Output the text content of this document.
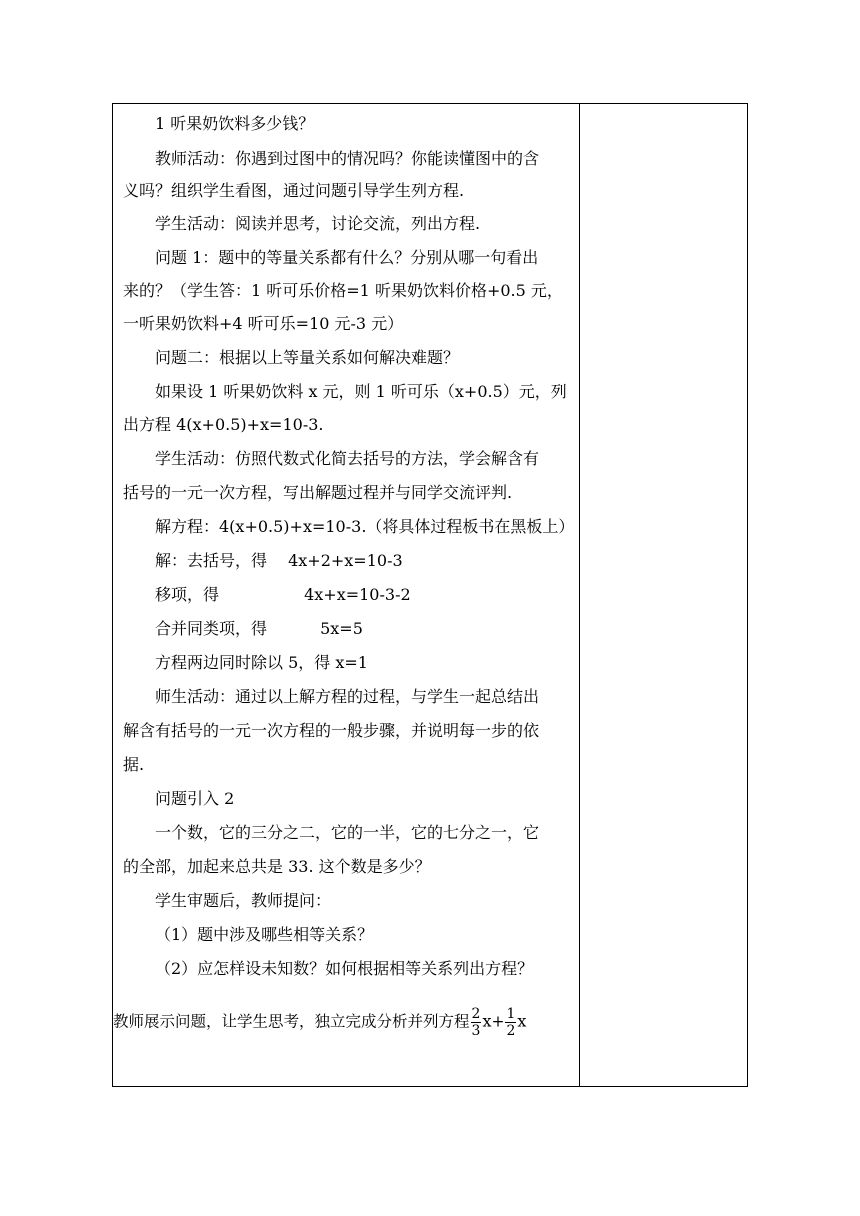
1 听果奶饮料多少钱？
教师活动：你遇到过图中的情况吗？你能读懂图中的含
义吗？组织学生看图，通过问题引导学生列方程.
学生活动：阅读并思考，讨论交流，列出方程.
问题 1：题中的等量关系都有什么？分别从哪一句看出
来的？（学生答：1 听可乐价格=1 听果奶饮料价格+0.5 元，
一听果奶饮料+4 听可乐=10 元-3 元）
问题二：根据以上等量关系如何解决难题？
如果设 1 听果奶饮料 x 元，则 1 听可乐（x+0.5）元，列
出方程 4(x+0.5)+x=10-3.
学生活动：仿照代数式化简去括号的方法，学会解含有
括号的一元一次方程，写出解题过程并与同学交流评判.
解方程：4(x+0.5)+x=10-3.（将具体过程板书在黑板上）
解：去括号，得　 4x+2+x=10-3
移项，得　　　　　 4x+x=10-3-2
合并同类项，得　　　 5x=5
方程两边同时除以 5，得 x=1
师生活动：通过以上解方程的过程，与学生一起总结出
解含有括号的一元一次方程的一般步骤，并说明每一步的依
据.
问题引入 2
一个数，它的三分之二，它的一半，它的七分之一，它
的全部，加起来总共是 33. 这个数是多少？
学生审题后，教师提问：
（1）题中涉及哪些相等关系？
（2）应怎样设未知数？如何根据相等关系列出方程？
教师展示问题，让学生思考，独立完成分析并列方程 $\frac{2}{3} x+ \frac{1}{2}$ x
